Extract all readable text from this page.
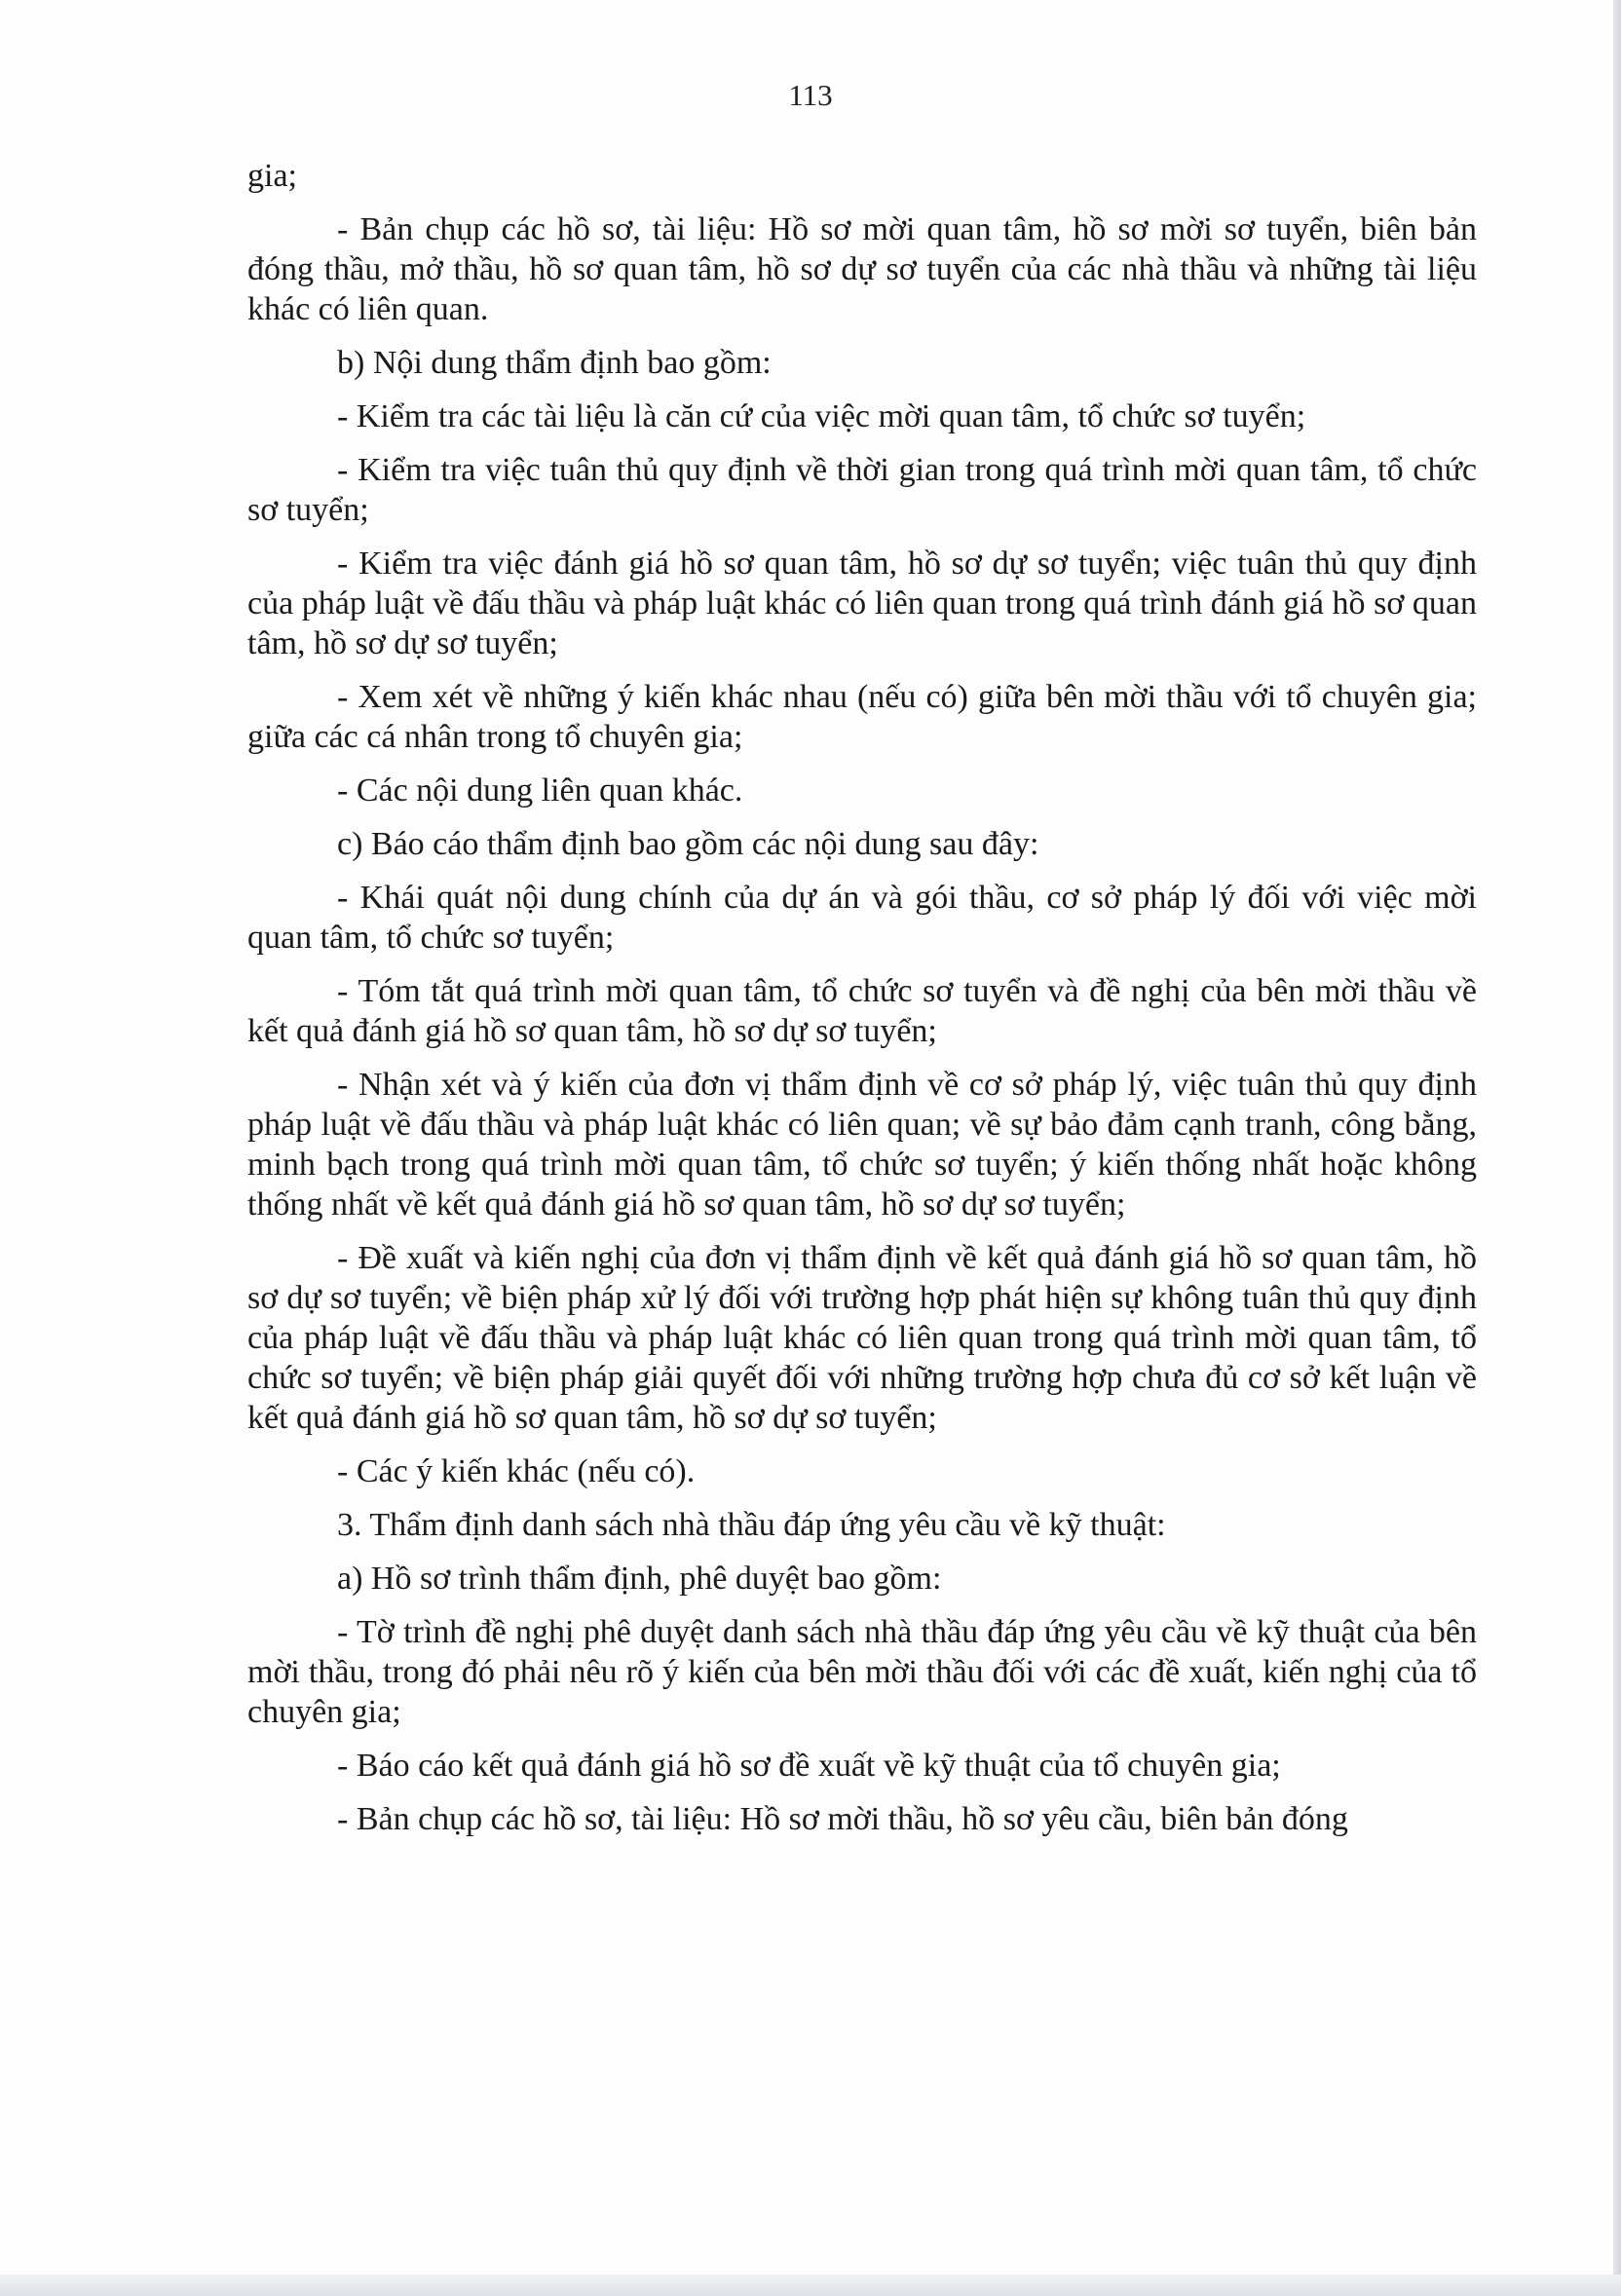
113

gia;

- Bản chụp các hồ sơ, tài liệu: Hồ sơ mời quan tâm, hồ sơ mời sơ tuyển, biên bản đóng thầu, mở thầu, hồ sơ quan tâm, hồ sơ dự sơ tuyển của các nhà thầu và những tài liệu khác có liên quan.

b) Nội dung thẩm định bao gồm:

- Kiểm tra các tài liệu là căn cứ của việc mời quan tâm, tổ chức sơ tuyển;

- Kiểm tra việc tuân thủ quy định về thời gian trong quá trình mời quan tâm, tổ chức sơ tuyển;

- Kiểm tra việc đánh giá hồ sơ quan tâm, hồ sơ dự sơ tuyển; việc tuân thủ quy định của pháp luật về đấu thầu và pháp luật khác có liên quan trong quá trình đánh giá hồ sơ quan tâm, hồ sơ dự sơ tuyển;

- Xem xét về những ý kiến khác nhau (nếu có) giữa bên mời thầu với tổ chuyên gia; giữa các cá nhân trong tổ chuyên gia;

- Các nội dung liên quan khác.

c) Báo cáo thẩm định bao gồm các nội dung sau đây:

- Khái quát nội dung chính của dự án và gói thầu, cơ sở pháp lý đối với việc mời quan tâm, tổ chức sơ tuyển;

- Tóm tắt quá trình mời quan tâm, tổ chức sơ tuyển và đề nghị của bên mời thầu về kết quả đánh giá hồ sơ quan tâm, hồ sơ dự sơ tuyển;

- Nhận xét và ý kiến của đơn vị thẩm định về cơ sở pháp lý, việc tuân thủ quy định pháp luật về đấu thầu và pháp luật khác có liên quan; về sự bảo đảm cạnh tranh, công bằng, minh bạch trong quá trình mời quan tâm, tổ chức sơ tuyển; ý kiến thống nhất hoặc không thống nhất về kết quả đánh giá hồ sơ quan tâm, hồ sơ dự sơ tuyển;

- Đề xuất và kiến nghị của đơn vị thẩm định về kết quả đánh giá hồ sơ quan tâm, hồ sơ dự sơ tuyển; về biện pháp xử lý đối với trường hợp phát hiện sự không tuân thủ quy định của pháp luật về đấu thầu và pháp luật khác có liên quan trong quá trình mời quan tâm, tổ chức sơ tuyển; về biện pháp giải quyết đối với những trường hợp chưa đủ cơ sở kết luận về kết quả đánh giá hồ sơ quan tâm, hồ sơ dự sơ tuyển;

- Các ý kiến khác (nếu có).

3. Thẩm định danh sách nhà thầu đáp ứng yêu cầu về kỹ thuật:

a) Hồ sơ trình thẩm định, phê duyệt bao gồm:

- Tờ trình đề nghị phê duyệt danh sách nhà thầu đáp ứng yêu cầu về kỹ thuật của bên mời thầu, trong đó phải nêu rõ ý kiến của bên mời thầu đối với các đề xuất, kiến nghị của tổ chuyên gia;

- Báo cáo kết quả đánh giá hồ sơ đề xuất về kỹ thuật của tổ chuyên gia;

- Bản chụp các hồ sơ, tài liệu: Hồ sơ mời thầu, hồ sơ yêu cầu, biên bản đóng
